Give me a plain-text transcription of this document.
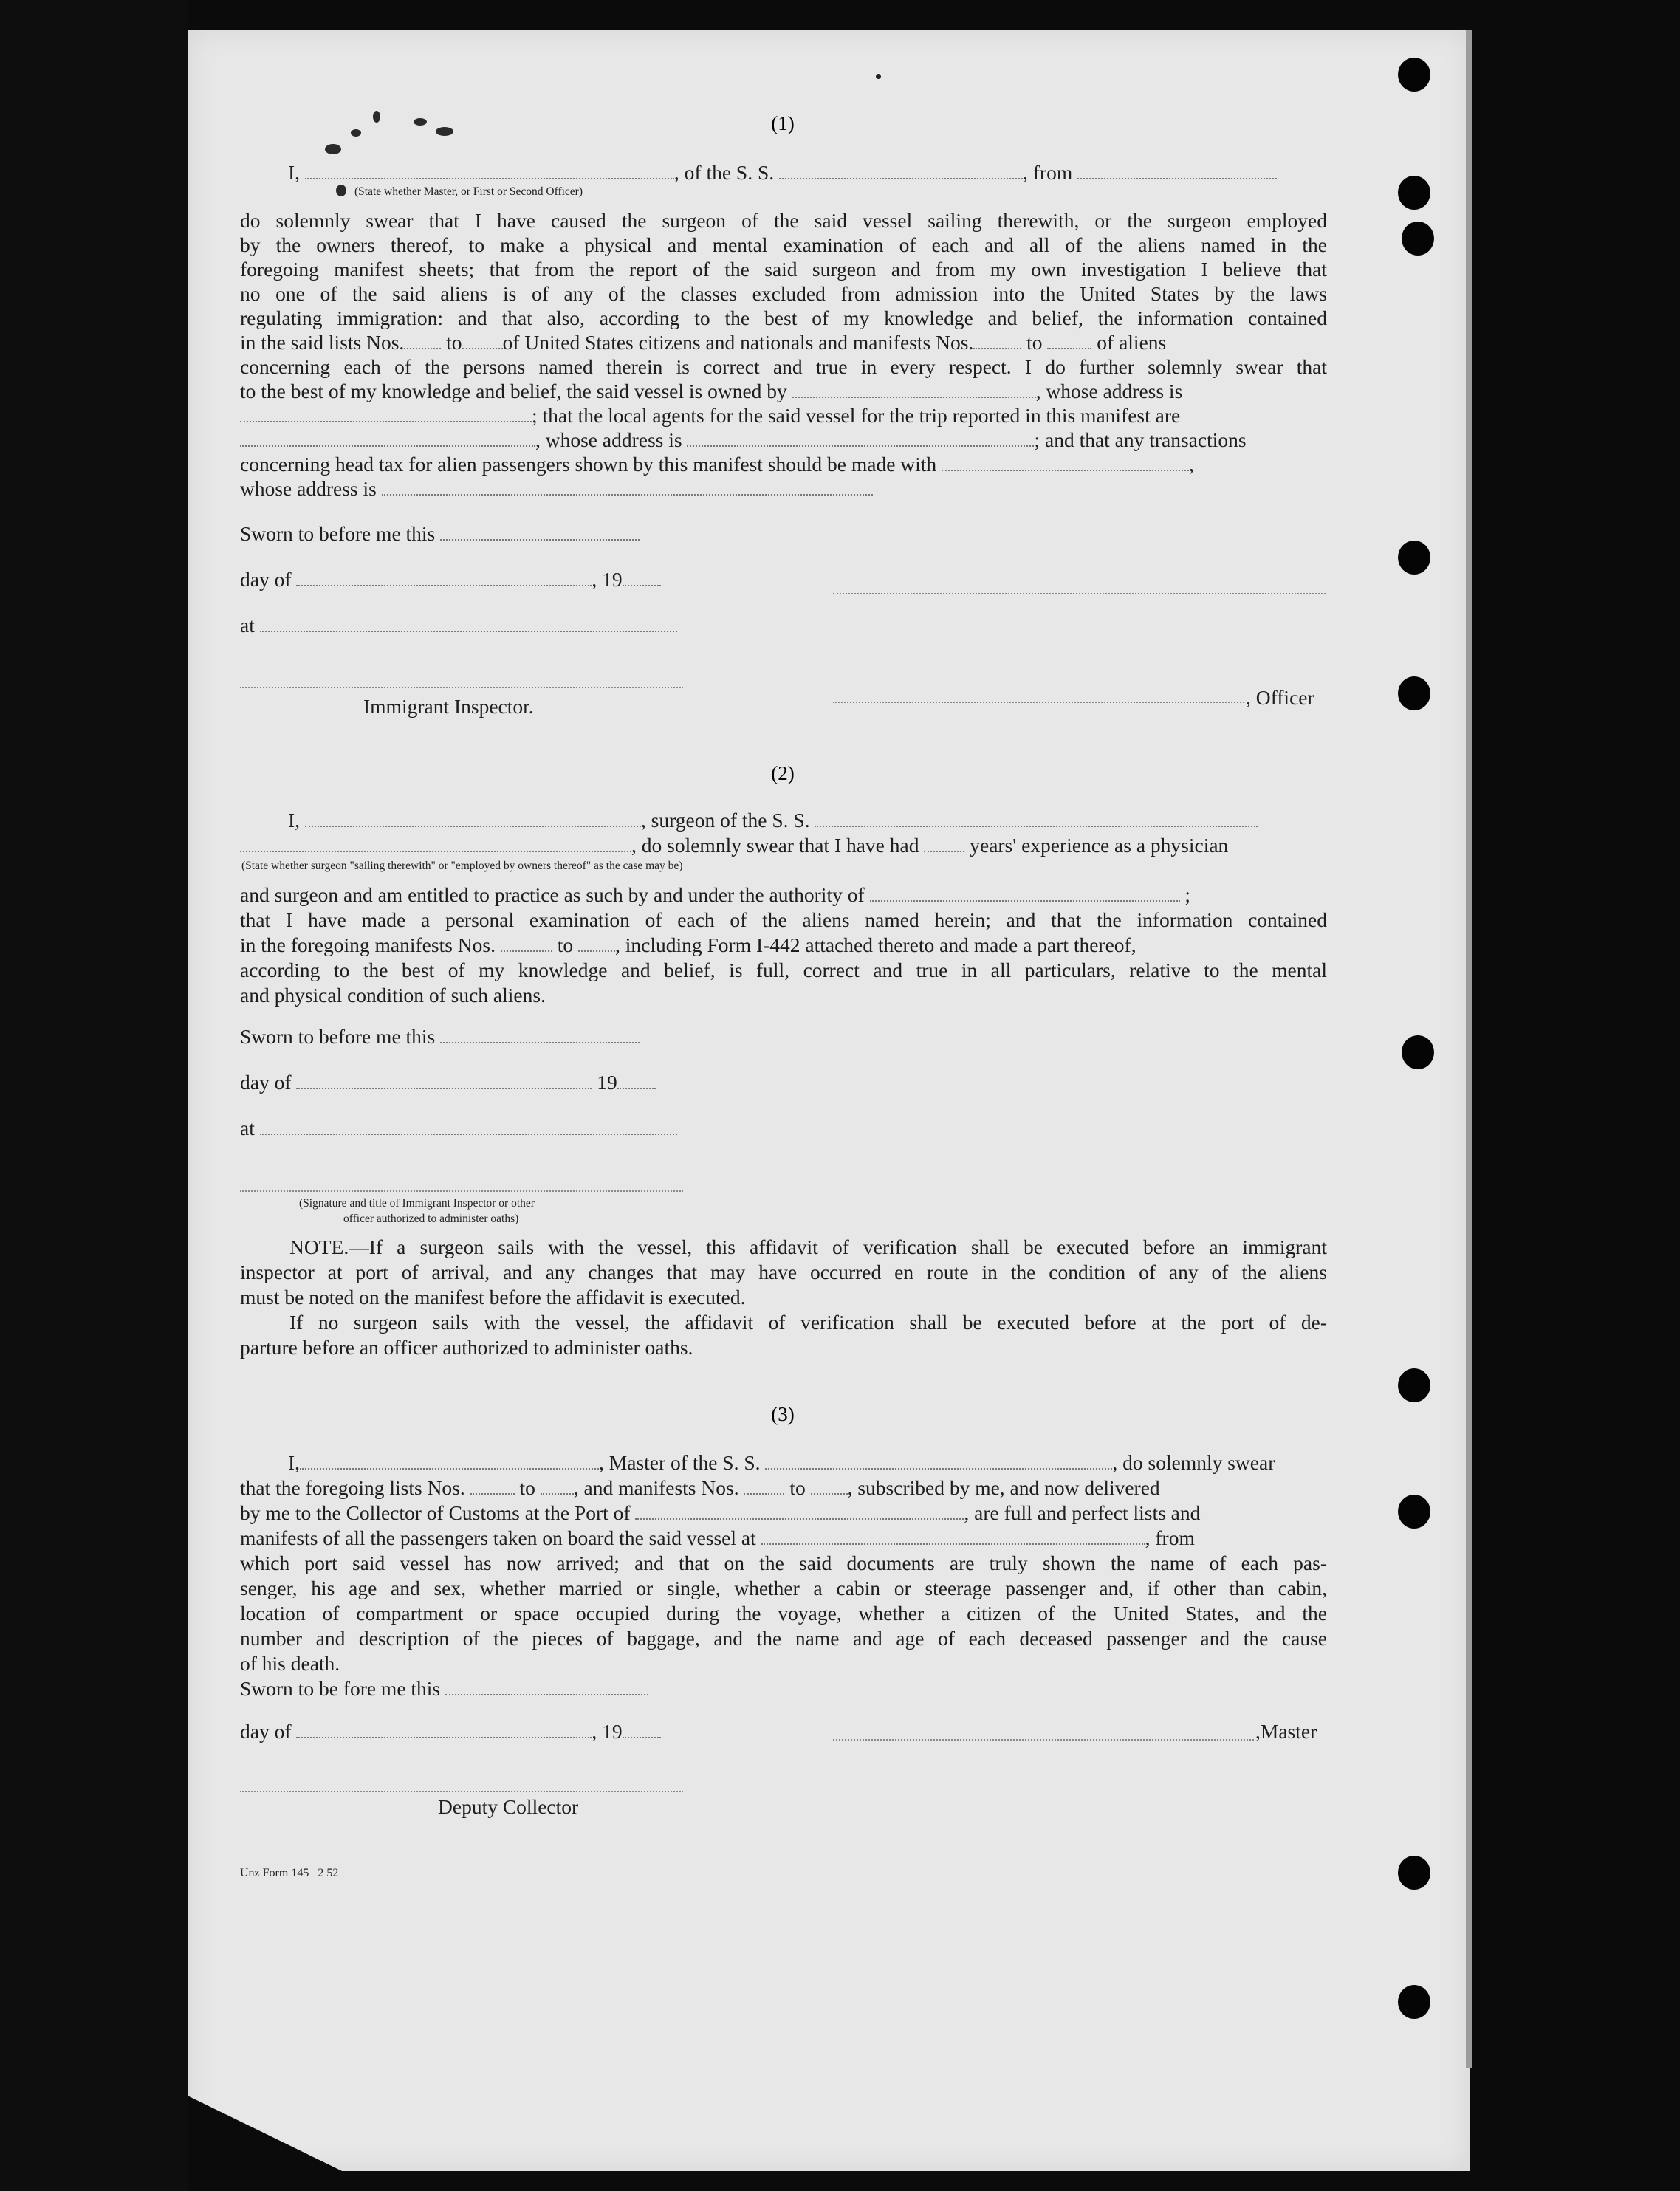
(1)
I,	, of the S. S.	, from
(State whether Master, or First or Second Officer)
do solemnly swear that I have caused the surgeon of the said vessel sailing therewith, or the surgeon employed
by the owners thereof, to make a physical and mental examination of each and all of the aliens named in the
foregoing manifest sheets; that from the report of the said surgeon and from my own investigation I believe that
no one of the said aliens is of any of the classes excluded from admission into the United States by the laws
regulating immigration: and that also, according to the best of my knowledge and belief, the information contained
in the said lists Nos. to of United States citizens and nationals and manifests Nos.	to	of aliens
concerning each of the persons named therein is correct and true in every respect. I do further solemnly swear that
to the best of my knowledge and belief, the said vessel is owned by	, whose address is
; that the local agents for the said vessel for the trip reported in this manifest are
, whose address is	; and that any transactions
concerning head tax for alien passengers shown by this manifest should be made with	,
whose address is
Sworn to before me this
day of	, 19
at
Immigrant Inspector.	, Officer
(2)
I,	, surgeon of the S. S.
, do solemnly swear that I have had	years' experience as a physician
(State whether surgeon "sailing therewith" or "employed by owners thereof" as the case may be)
and surgeon and am entitled to practice as such by and under the authority of	;
that I have made a personal examination of each of the aliens named herein; and that the information contained
in the foregoing manifests Nos.	to , including Form I-442 attached thereto and made a part thereof,
according to the best of my knowledge and belief, is full, correct and true in all particulars, relative to the mental
and physical condition of such aliens.
Sworn to before me this
day of	19
at
(Signature and title of Immigrant Inspector or other
officer authorized to administer oaths)
NOTE.—If a surgeon sails with the vessel, this affidavit of verification shall be executed before an immigrant
inspector at port of arrival, and any changes that may have occurred en route in the condition of any of the aliens
must be noted on the manifest before the affidavit is executed.
If no surgeon sails with the vessel, the affidavit of verification shall be executed before at the port of de-
parture before an officer authorized to administer oaths.
(3)
I,	, Master of the S. S.	, do solemnly swear
that the foregoing lists Nos.	to , and manifests Nos.	to , subscribed by me, and now delivered
by me to the Collector of Customs at the Port of	, are full and perfect lists and
manifests of all the passengers taken on board the said vessel at	, from
which port said vessel has now arrived; and that on the said documents are truly shown the name of each pas-
senger, his age and sex, whether married or single, whether a cabin or steerage passenger and, if other than cabin,
location of compartment or space occupied during the voyage, whether a citizen of the United States, and the
number and description of the pieces of baggage, and the name and age of each deceased passenger and the cause
of his death.
Sworn to be fore me this
day of	, 19	,Master
Deputy Collector
Unz Form 145   2 52
